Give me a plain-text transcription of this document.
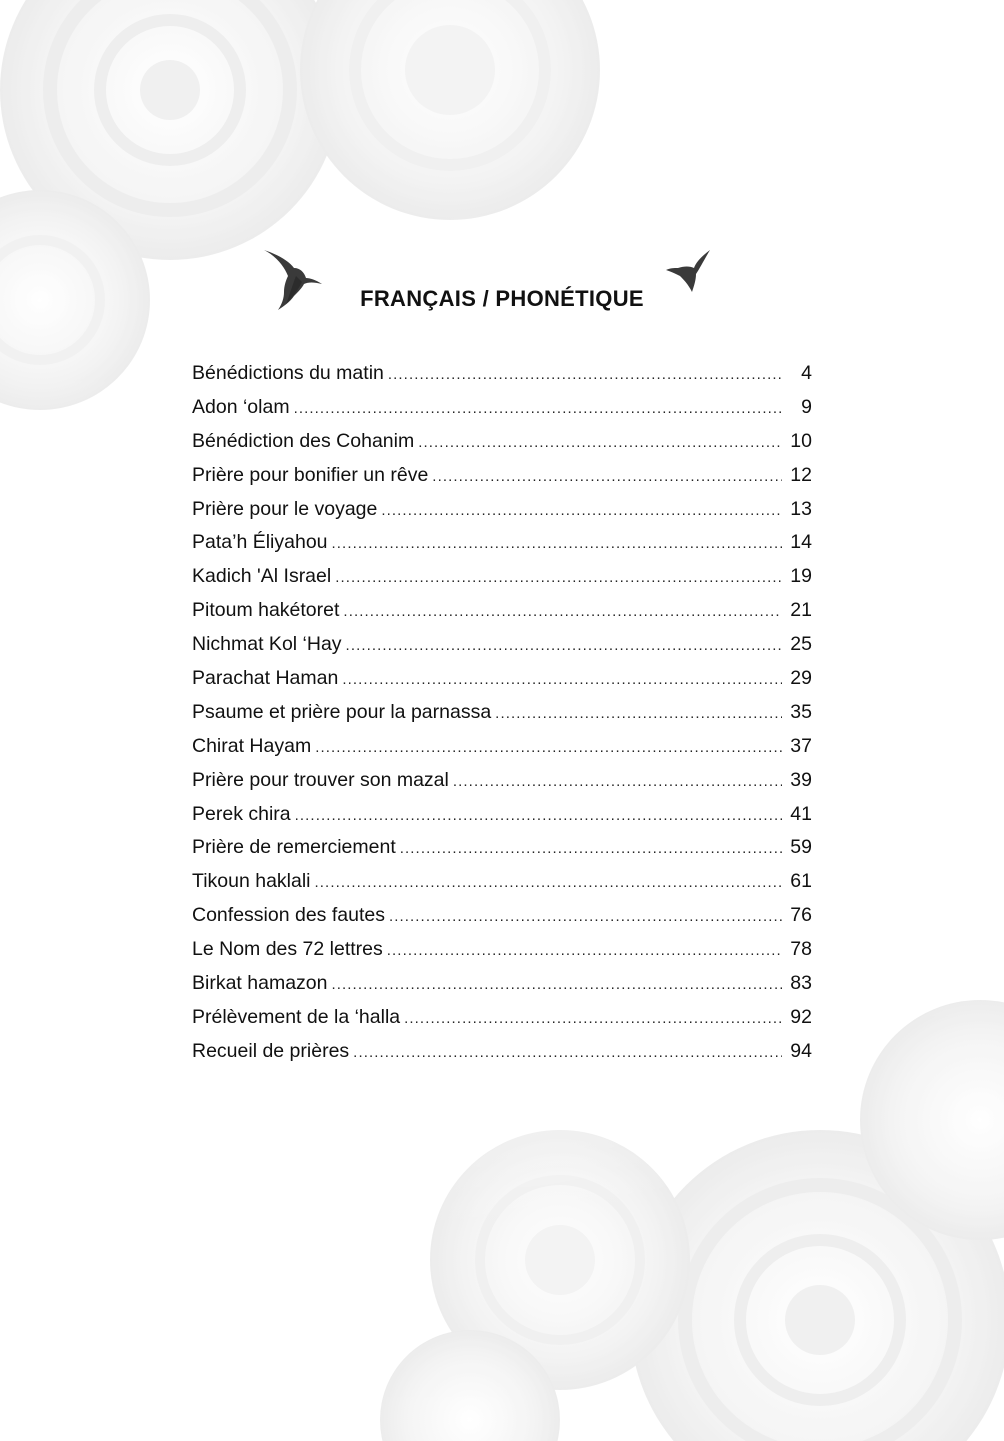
FRANÇAIS / PHONÉTIQUE
Bénédictions du matin .....	4
Adon ‘olam .....	9
Bénédiction des Cohanim .....	10
Prière pour bonifier un rêve .....	12
Prière pour le voyage .....	13
Pata’h Éliyahou .....	14
Kadich 'Al Israel .....	19
Pitoum hakétoret .....	21
Nichmat Kol ‘Hay .....	25
Parachat Haman .....	29
Psaume et prière pour la parnassa .....	35
Chirat Hayam .....	37
Prière pour trouver son mazal .....	39
Perek chira .....	41
Prière de remerciement .....	59
Tikoun haklali .....	61
Confession des fautes .....	76
Le Nom des 72 lettres .....	78
Birkat hamazon .....	83
Prélèvement de la ‘halla .....	92
Recueil de prières .....	94
